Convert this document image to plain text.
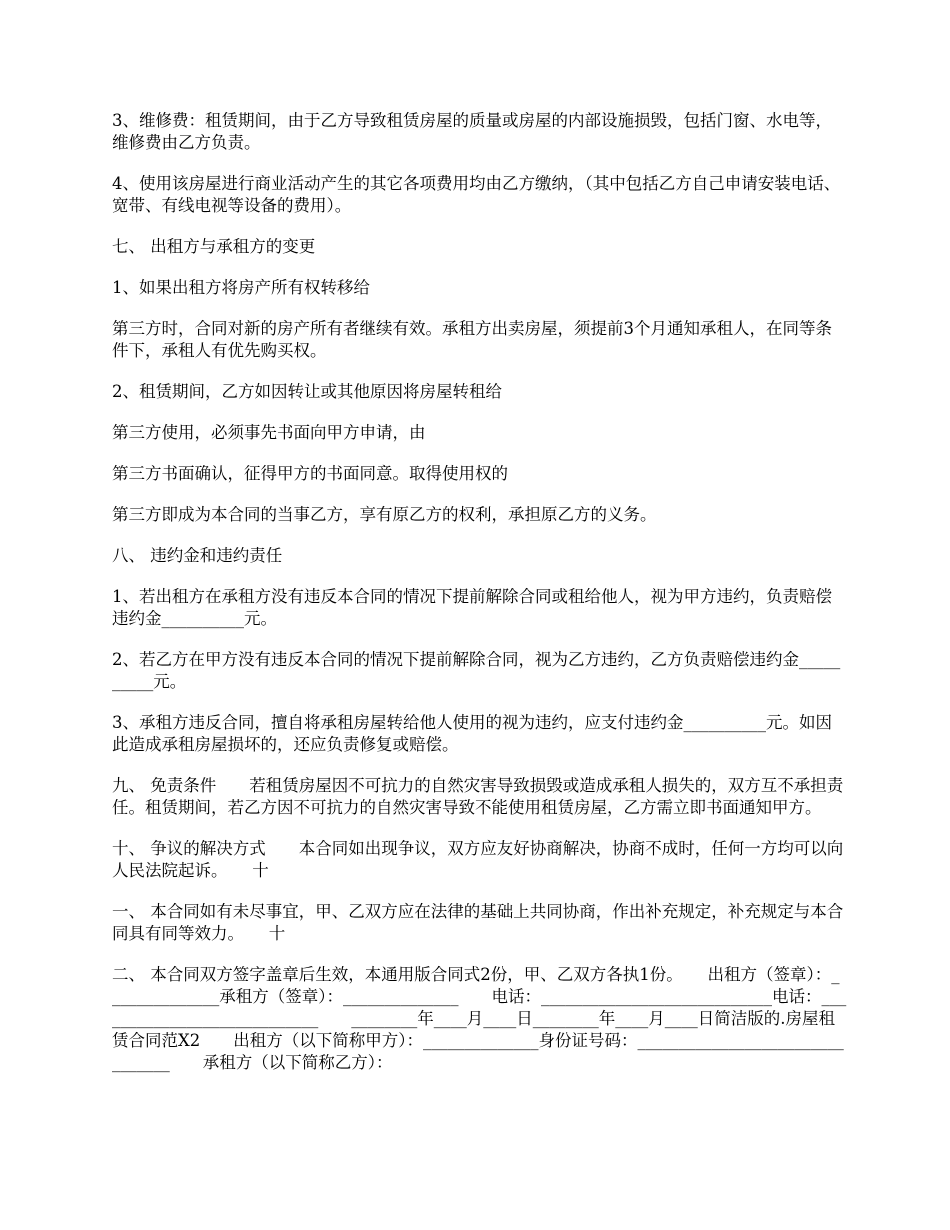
3、维修费：租赁期间，由于乙方导致租赁房屋的质量或房屋的内部设施损毁，包括门窗、水电等，维修费由乙方负责。

4、使用该房屋进行商业活动产生的其它各项费用均由乙方缴纳，（其中包括乙方自己申请安装电话、宽带、有线电视等设备的费用）。

七、 出租方与承租方的变更

1、如果出租方将房产所有权转移给

第三方时，合同对新的房产所有者继续有效。承租方出卖房屋，须提前3个月通知承租人，在同等条件下，承租人有优先购买权。

2、租赁期间，乙方如因转让或其他原因将房屋转租给

第三方使用，必须事先书面向甲方申请，由

第三方书面确认，征得甲方的书面同意。取得使用权的

第三方即成为本合同的当事乙方，享有原乙方的权利，承担原乙方的义务。

八、 违约金和违约责任

1、若出租方在承租方没有违反本合同的情况下提前解除合同或租给他人，视为甲方违约，负责赔偿违约金__________元。

2、若乙方在甲方没有违反本合同的情况下提前解除合同，视为乙方违约，乙方负责赔偿违约金__________元。

3、承租方违反合同，擅自将承租房屋转给他人使用的视为违约，应支付违约金__________元。如因此造成承租房屋损坏的，还应负责修复或赔偿。

九、 免责条件　　若租赁房屋因不可抗力的自然灾害导致损毁或造成承租人损失的，双方互不承担责任。租赁期间，若乙方因不可抗力的自然灾害导致不能使用租赁房屋，乙方需立即书面通知甲方。

十、 争议的解决方式　　本合同如出现争议，双方应友好协商解决，协商不成时，任何一方均可以向人民法院起诉。　　十

一、 本合同如有未尽事宜，甲、乙双方应在法律的基础上共同协商，作出补充规定，补充规定与本合同具有同等效力。　　十

二、 本合同双方签字盖章后生效，本通用版合同式2份，甲、乙双方各执1份。　　出租方（签章）：______________承租方（签章）：______________　　电话：____________________________电话：____________________________　　________年____月____日________年____月____日简洁版的.房屋租赁合同范X2　　出租方（以下简称甲方）：______________身份证号码：________________________________　　承租方（以下简称乙方）：
